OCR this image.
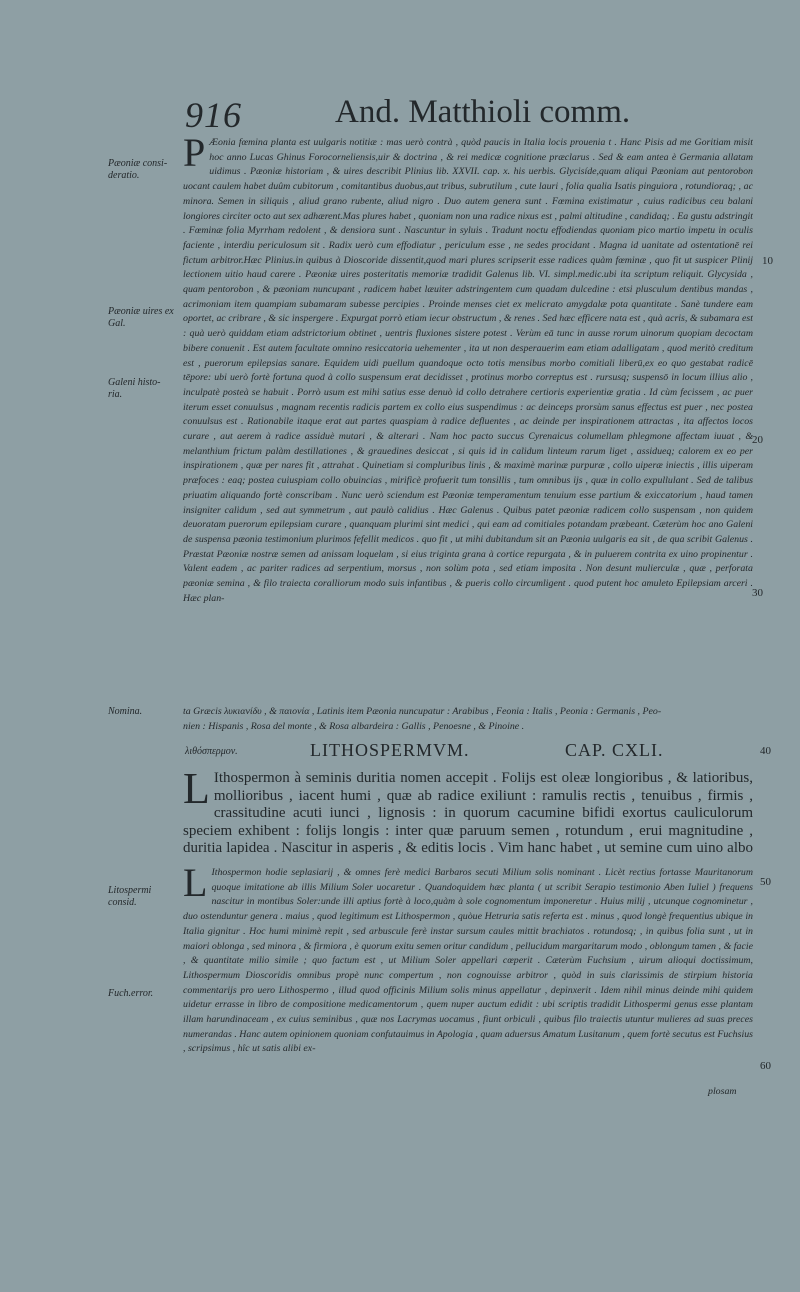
916	And. Matthioli comm.
Pæoniæ consi-deratio.
Pæoniæ uires ex Gal.
Galeni histo-ria.
Nomina.
Litospermi consid.
Fuch.error.
10
20
30
40
50
60
P Æonia fœmina planta est uulgaris notitiæ : mas uerò contrà , quòd paucis in Italia locis prouenia t . Hanc Pisis ad me Goritiam misit hoc anno Lucas Ghinus Forocorneliensis,uir & doctrina , & rei medicæ cognitione præclarus . Sed & eam antea è Germania allatam uidimus . Pæoniæ historiam , & uires describit Plinius lib. XXVII. cap. x. his uerbis. Glycisíde,quam aliqui Pæoniam aut pentorobon uocant caulem habet duûm cubitorum , comitantibus duobus,aut tribus, subrutilum , cute lauri , folia qualia Isatis pinguiora , rotundioraq; , ac minora. Semen in siliquis , aliud grano rubente, aliud nigro . Duo autem genera sunt . Fœmina existimatur , cuius radicibus ceu balani longiores circiter octo aut sex adhærent.Mas plures habet , quoniam non una radice nixus est , palmi altitudine , candidaq; . Ea gustu adstringit . Fœminæ folia Myrrham redolent , & densiora sunt . Nascuntur in syluis . Tradunt noctu effodiendas quoniam pico martio impetu in oculis faciente , interdiu periculosum sit . Radix uerò cum effodiatur , periculum esse , ne sedes procidant . Magna id uanitate ad ostentationē rei fictum arbitror.Hæc Plinius.in quibus à Dioscoride dissentit,quod mari plures scripserit esse radices quàm fœminæ , quo fit ut suspicer Plinij lectionem uitio haud carere . Pæoniæ uires posteritatis memoriæ tradidit Galenus lib. VI. simpl.medic.ubi ita scriptum reliquit. Glycysida , quam pentorobon , & pæoniam nuncupant , radicem habet læuiter adstringentem cum quadam dulcedine : etsi plusculum dentibus mandas , acrimoniam item quampiam subamaram subesse percipies . Proinde menses ciet ex melicrato amygdalæ pota quantitate . Sanè tundere eam oportet, ac cribrare , & sic inspergere . Expurgat porrò etiam iecur obstructum , & renes . Sed hæc efficere nata est , quà acris, & subamara est : quà uerò quiddam etiam adstrictorium obtinet , uentris fluxiones sistere potest . Verùm eā tunc in ausse rorum uinorum quopiam decoctam bibere conuenit . Est autem facultate omnino resiccatoria uehementer , ita ut non desperauerim eam etiam adalligatam , quod meritò creditum est , puerorum epilepsias sanare. Equidem uidi puellum quandoque octo totis mensibus morbo comitiali liberū,ex eo quo gestabat radicē tēpore: ubi uerò fortè fortuna quod à collo suspensum erat decidisset , protinus morbo correptus est . rursusq; suspensō in locum illius alio , inculpatè posteà se habuit . Porrò usum est mihi satius esse denuò id collo detrahere certioris experientiæ gratia . Id cùm fecissem , ac puer iterum esset conuulsus , magnam recentis radicis partem ex collo eius suspendimus : ac deinceps prorsùm sanus effectus est puer , nec postea conuulsus est . Rationabile itaque erat aut partes quaspiam à radice defluentes , ac deinde per inspirationem attractas , ita affectos locos curare , aut aerem à radice assiduè mutari , & alterari . Nam hoc pacto succus Cyrenaicus columellam phlegmone affectam iuuat , & melanthium frictum palàm destillationes , & grauedines desiccat , si quis id in calidum linteum rarum liget , assidueq; calorem ex eo per inspirationem , quæ per nares fit , attrahat . Quinetiam si compluribus linis , & maximè marinæ purpuræ , collo uiperæ iniectis , illis uiperam præfoces : eaq; postea cuiuspiam collo obuincias , mirificè profuerit tum tonsillis , tum omnibus ijs , quæ in collo expullulant . Sed de talibus priuatim aliquando fortè conscribam . Nunc uerò sciendum est Pæoniæ temperamentum tenuium esse partium & exiccatorium , haud tamen insigniter calidum , sed aut symmetrum , aut paulò calidius . Hæc Galenus . Quibus patet pæoniæ radicem collo suspensam , non quidem deuoratam puerorum epilepsiam curare , quanquam plurimi sint medici , qui eam ad comitiales potandam præbeant. Cæterùm hoc ano Galeni de suspensa pæonia testimonium plurimos fefellit medicos . quo fit , ut mihi dubitandum sit an Pæonia uulgaris ea sit , de qua scribit Galenus . Præstat Pæoniæ nostræ semen ad anissam loquelam , si eius triginta grana à cortice repurgata , & in puluerem contrita ex uino propinentur . Valent eadem , ac pariter radices ad serpentium, morsus , non solùm pota , sed etiam imposita . Non desunt mulierculæ , quæ , perforata pæoniæ semina , & filo traiecta coralliorum modo suis infantibus , & pueris collo circumligent . quod putent hoc amuleto Epilepsiam arceri . Hæc plan-
ta Græcis λυκιανίδυ , & παιονία , Latinis item Pæonia nuncupatur : Arabibus , Feonia : Italis , Peonia : Germanis , Peo-
nien : Hispanis , Rosa del monte , & Rosa albardeira : Gallis , Penoesne , & Pinoine .
λιθόσπερμον.	LITHOSPERMVM.	CAP. CXLI.
L Ithospermon à seminis duritia nomen accepit . Folijs est oleæ longioribus , & latioribus, mollioribus , iacent humi , quæ ab radice exiliunt : ramulis rectis , tenuibus , firmis , crassitudine acuti iunci , lignosis : in quorum cacumine bifidi exortus cauliculorum speciem exhibent : folijs longis : inter quæ paruum semen , rotundum , erui magnitudine , duritia lapidea . Nascitur in asperis , & editis locis . Vim hanc habet , ut semine cum uino albo
L Ithospermon hodie seplasiarij , & omnes ferè medici Barbaros secuti Milium solis nominant . Licèt rectius fortasse Mauritanorum quoque imitatione ab illis Milium Soler uocaretur . Quandoquidem hæc planta ( ut scribit Serapio testimonio Aben Iuliel ) frequens nascitur in montibus Soler:unde illi aptius fortè à loco,quàm à sole cognomentum imponeretur . Huius milij , utcunque cognominetur , duo ostenduntur genera . maius , quod legitimum est Lithospermon , quòue Hetruria satis referta est . minus , quod longè frequentius ubique in Italia gignitur . Hoc humi minimè repit , sed arbuscule ferè instar sursum caules mittit brachiatos . rotundosq; , in quibus folia sunt , ut in maiori oblonga , sed minora , & firmiora , è quorum exitu semen oritur candidum , pellucidum margaritarum modo , oblongum tamen , & facie , & quantitate milio simile ; quo factum est , ut Milium Soler appellari cœperit . Cæterùm Fuchsium , uirum alioqui doctissimum, Lithospermum Dioscoridis omnibus propè nunc compertum , non cognouisse arbitror , quòd in suis clarissimis de stirpium historia commentarijs pro uero Lithospermo , illud quod officinis Milium solis minus appellatur , depinxerit . Idem nihil minus deinde mihi quidem uidetur errasse in libro de compositione medicamentorum , quem nuper auctum edidit : ubi scriptis tradidit Lithospermi genus esse plantam illam harundinaceam , ex cuius seminibus , quæ nos Lacrymas uocamus , fiunt orbiculi , quibus filo traiectis utuntur mulieres ad suas preces numerandas . Hanc autem opinionem quoniam confutauimus in Apologia , quam aduersus Amatum Lusitanum , quem fortè secutus est Fuchsius , scripsimus , hîc ut satis alibi ex-
plosam
